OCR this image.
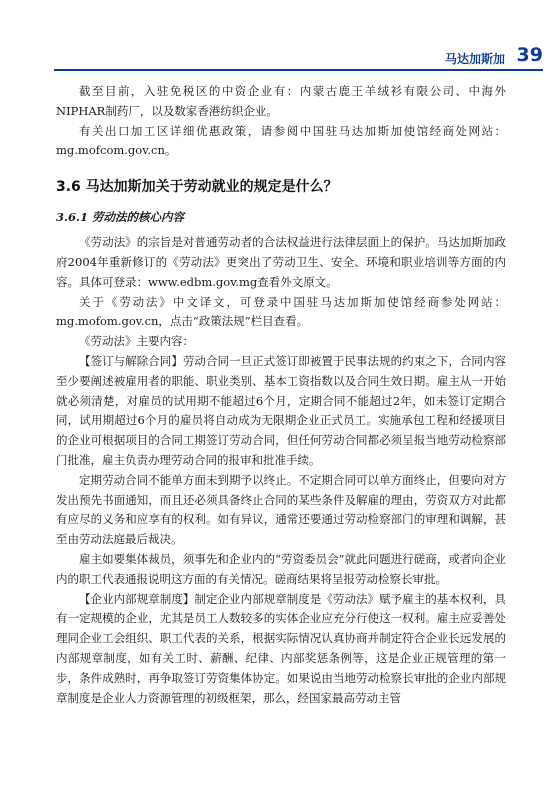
马达加斯加 39

截至目前，入驻免税区的中资企业有：内蒙古鹿王羊绒衫有限公司、中海外NIPHAR制药厂，以及数家香港纺织企业。

有关出口加工区详细优惠政策，请参阅中国驻马达加斯加使馆经商处网站：mg.mofcom.gov.cn。

3.6 马达加斯加关于劳动就业的规定是什么？
3.6.1 劳动法的核心内容

《劳动法》的宗旨是对普通劳动者的合法权益进行法律层面上的保护。马达加斯加政府2004年重新修订的《劳动法》更突出了劳动卫生、安全、环境和职业培训等方面的内容。具体可登录：www.edbm.gov.mg查看外文原文。

关于《劳动法》中文译文，可登录中国驻马达加斯加使馆经商参处网站：mg.mofom.gov.cn，点击“政策法规”栏目查看。

《劳动法》主要内容：

【签订与解除合同】劳动合同一旦正式签订即被置于民事法规的约束之下，合同内容至少要阐述被雇用者的职能、职业类别、基本工资指数以及合同生效日期。雇主从一开始就必须清楚，对雇员的试用期不能超过6个月，定期合同不能超过2年，如未签订定期合同，试用期超过6个月的雇员将自动成为无限期企业正式员工。实施承包工程和经援项目的企业可根据项目的合同工期签订劳动合同，但任何劳动合同都必须呈报当地劳动检察部门批准，雇主负责办理劳动合同的报审和批准手续。

定期劳动合同不能单方面未到期予以终止。不定期合同可以单方面终止，但要向对方发出预先书面通知，而且还必须具备终止合同的某些条件及解雇的理由，劳资双方对此都有应尽的义务和应享有的权利。如有异议，通常还要通过劳动检察部门的审理和调解，甚至由劳动法庭最后裁决。

雇主如要集体裁员，须事先和企业内的“劳资委员会”就此问题进行磋商，或者向企业内的职工代表通报说明这方面的有关情况。磋商结果将呈报劳动检察长审批。

【企业内部规章制度】制定企业内部规章制度是《劳动法》赋予雇主的基本权利，具有一定规模的企业，尤其是员工人数较多的实体企业应充分行使这一权利。雇主应妥善处理同企业工会组织、职工代表的关系，根据实际情况认真协商并制定符合企业长远发展的内部规章制度，如有关工时、薪酬、纪律、内部奖惩条例等，这是企业正规管理的第一步，条件成熟时，再争取签订劳资集体协定。如果说由当地劳动检察长审批的企业内部规章制度是企业人力资源管理的初级框架，那么，经国家最高劳动主管
